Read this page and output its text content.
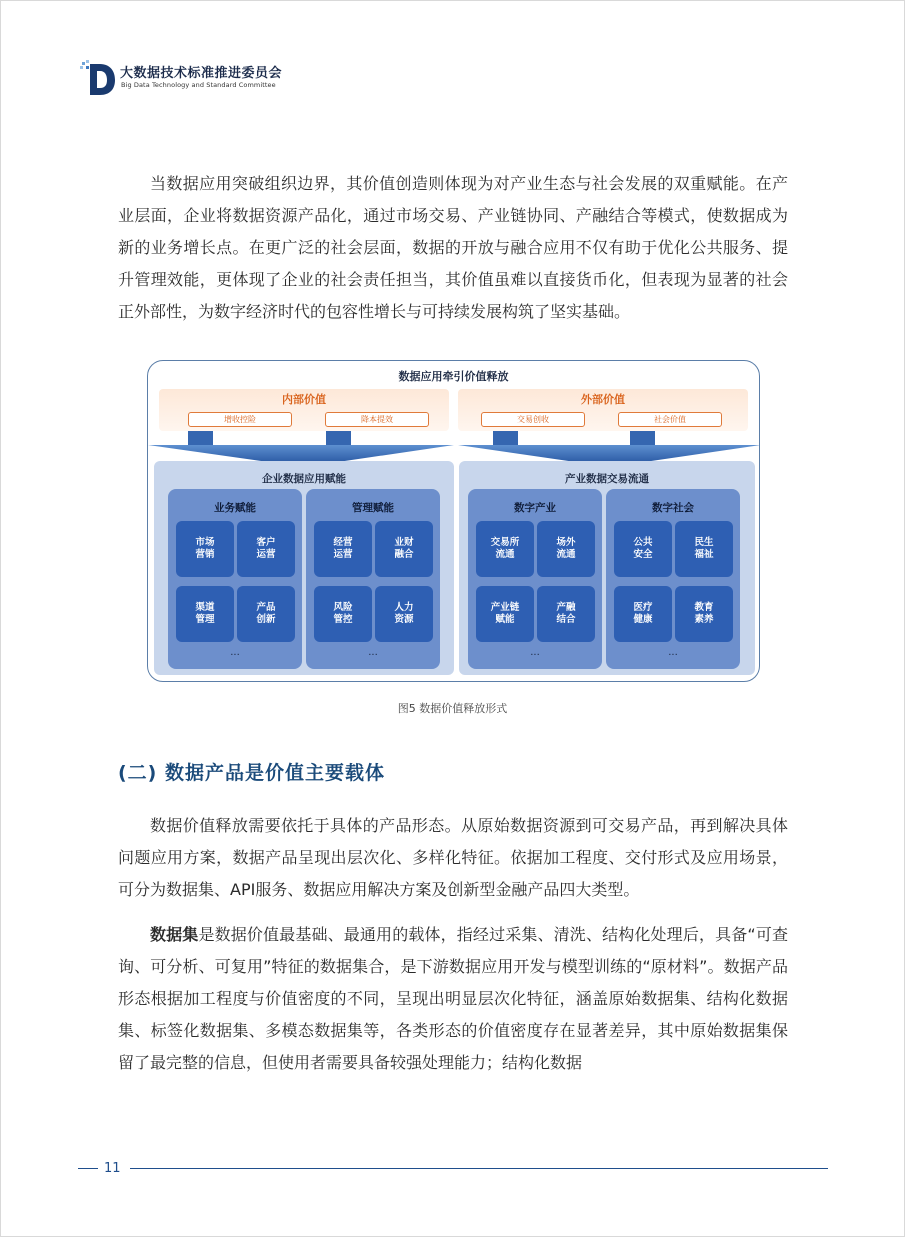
大数据技术标准推进委员会
Big Data Technology and Standard Committee

当数据应用突破组织边界，其价值创造则体现为对产业生态与社会发展的双重赋能。在产业层面，企业将数据资源产品化，通过市场交易、产业链协同、产融结合等模式，使数据成为新的业务增长点。在更广泛的社会层面，数据的开放与融合应用不仅有助于优化公共服务、提升管理效能，更体现了企业的社会责任担当，其价值虽难以直接货币化，但表现为显著的社会正外部性，为数字经济时代的包容性增长与可持续发展构筑了坚实基础。

数据应用牵引价值释放
内部价值
增收控险	降本提效
外部价值
交易创收	社会价值
企业数据应用赋能
业务赋能
市场
营销
客户
运营
渠道
管理
产品
创新
...
管理赋能
经营
运营
业财
融合
风险
管控
人力
资源
...
产业数据交易流通
数字产业
交易所
流通
场外
流通
产业链
赋能
产融
结合
...
数字社会
公共
安全
民生
福祉
医疗
健康
教育
素养
...
图5 数据价值释放形式
(二) 数据产品是价值主要载体

数据价值释放需要依托于具体的产品形态。从原始数据资源到可交易产品，再到解决具体问题应用方案，数据产品呈现出层次化、多样化特征。依据加工程度、交付形式及应用场景，可分为数据集、API服务、数据应用解决方案及创新型金融产品四大类型。

数据集是数据价值最基础、最通用的载体，指经过采集、清洗、结构化处理后，具备“可查询、可分析、可复用”特征的数据集合，是下游数据应用开发与模型训练的“原材料”。数据产品形态根据加工程度与价值密度的不同，呈现出明显层次化特征，涵盖原始数据集、结构化数据集、标签化数据集、多模态数据集等，各类形态的价值密度存在显著差异，其中原始数据集保留了最完整的信息，但使用者需要具备较强处理能力；结构化数据

11
